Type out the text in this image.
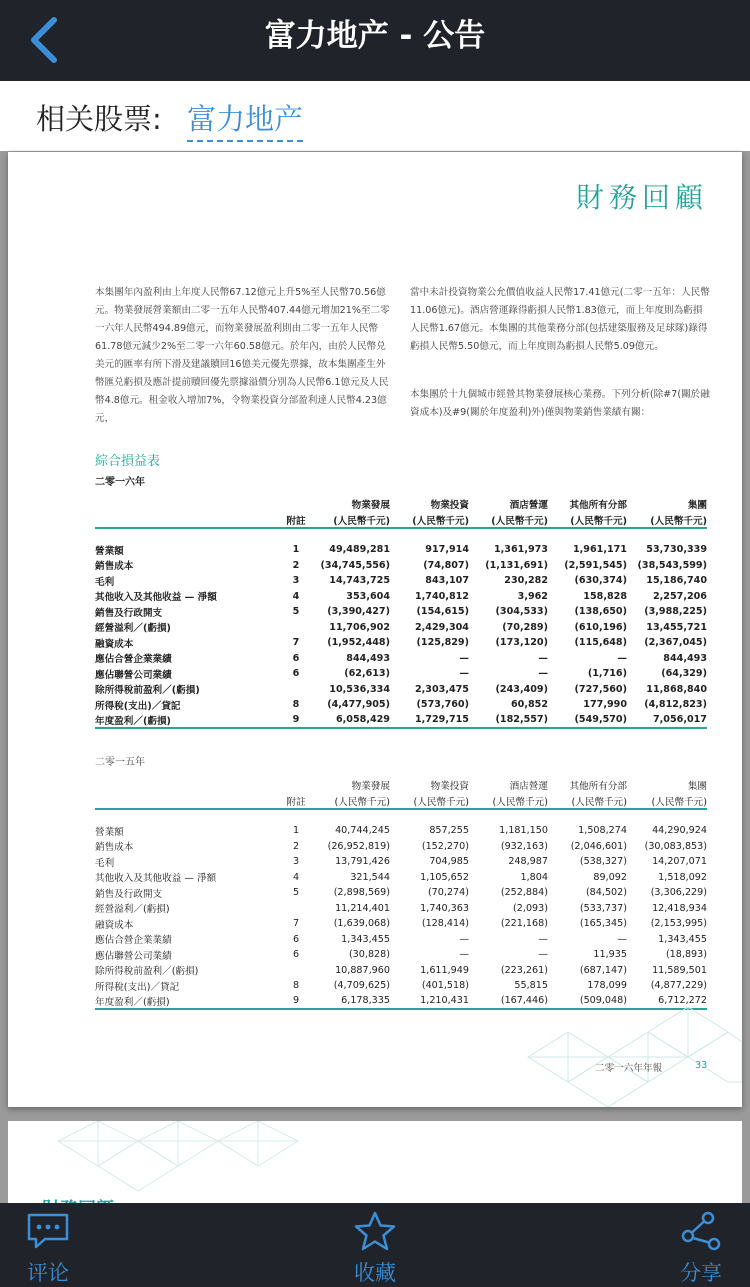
富力地产 - 公告
相关股票: 富力地产
財務回顧
本集團年內盈利由上年度人民幣67.12億元上升5%至人民幣70.56億元。物業發展營業額由二零一五年人民幣407.44億元增加21%至二零一六年人民幣494.89億元，而物業發展盈利則由二零一五年人民幣61.78億元減少2%至二零一六年60.58億元。於年內，由於人民幣兑美元的匯率有所下滑及建議贖回16億美元優先票據，故本集團產生外幣匯兑虧損及應計提前贖回優先票據溢價分別為人民幣6.1億元及人民幣4.8億元。租金收入增加7%，令物業投資分部盈利達人民幣4.23億元，
當中未計投資物業公允價值收益人民幣17.41億元(二零一五年：人民幣11.06億元)。酒店營運錄得虧損人民幣1.83億元，而上年度則為虧損人民幣1.67億元。本集團的其他業務分部(包括建築服務及足球隊)錄得虧損人民幣5.50億元，而上年度則為虧損人民幣5.09億元。
本集團於十九個城市經營其物業發展核心業務。下列分析(除#7(關於融資成本)及#9(關於年度盈利)外)僅與物業銷售業績有關：
綜合損益表
二零一六年
		物業發展	物業投資	酒店營運	其他所有分部	集團
	附註	(人民幣千元)	(人民幣千元)	(人民幣千元)	(人民幣千元)	(人民幣千元)

營業額	1	49,489,281	917,914	1,361,973	1,961,171	53,730,339
銷售成本	2	(34,745,556)	(74,807)	(1,131,691)	(2,591,545)	(38,543,599)
毛利	3	14,743,725	843,107	230,282	(630,374)	15,186,740
其他收入及其他收益 — 淨額	4	353,604	1,740,812	3,962	158,828	2,257,206
銷售及行政開支	5	(3,390,427)	(154,615)	(304,533)	(138,650)	(3,988,225)
經營溢利／(虧損)		11,706,902	2,429,304	(70,289)	(610,196)	13,455,721
融資成本	7	(1,952,448)	(125,829)	(173,120)	(115,648)	(2,367,045)
應佔合營企業業績	6	844,493	—	—	—	844,493
應佔聯營公司業績	6	(62,613)	—	—	(1,716)	(64,329)
除所得稅前盈利／(虧損)		10,536,334	2,303,475	(243,409)	(727,560)	11,868,840
所得稅(支出)／貸記	8	(4,477,905)	(573,760)	60,852	177,990	(4,812,823)
年度盈利／(虧損)	9	6,058,429	1,729,715	(182,557)	(549,570)	7,056,017
二零一五年
		物業發展	物業投資	酒店營運	其他所有分部	集團
	附註	(人民幣千元)	(人民幣千元)	(人民幣千元)	(人民幣千元)	(人民幣千元)

營業額	1	40,744,245	857,255	1,181,150	1,508,274	44,290,924
銷售成本	2	(26,952,819)	(152,270)	(932,163)	(2,046,601)	(30,083,853)
毛利	3	13,791,426	704,985	248,987	(538,327)	14,207,071
其他收入及其他收益 — 淨額	4	321,544	1,105,652	1,804	89,092	1,518,092
銷售及行政開支	5	(2,898,569)	(70,274)	(252,884)	(84,502)	(3,306,229)
經營溢利／(虧損)		11,214,401	1,740,363	(2,093)	(533,737)	12,418,934
融資成本	7	(1,639,068)	(128,414)	(221,168)	(165,345)	(2,153,995)
應佔合營企業業績	6	1,343,455	—	—	—	1,343,455
應佔聯營公司業績	6	(30,828)	—	—	11,935	(18,893)
除所得稅前盈利／(虧損)		10,887,960	1,611,949	(223,261)	(687,147)	11,589,501
所得稅(支出)／貸記	8	(4,709,625)	(401,518)	55,815	178,099	(4,877,229)
年度盈利／(虧損)	9	6,178,335	1,210,431	(167,446)	(509,048)	6,712,272
二零一六年年報	33
评论	收藏	分享
